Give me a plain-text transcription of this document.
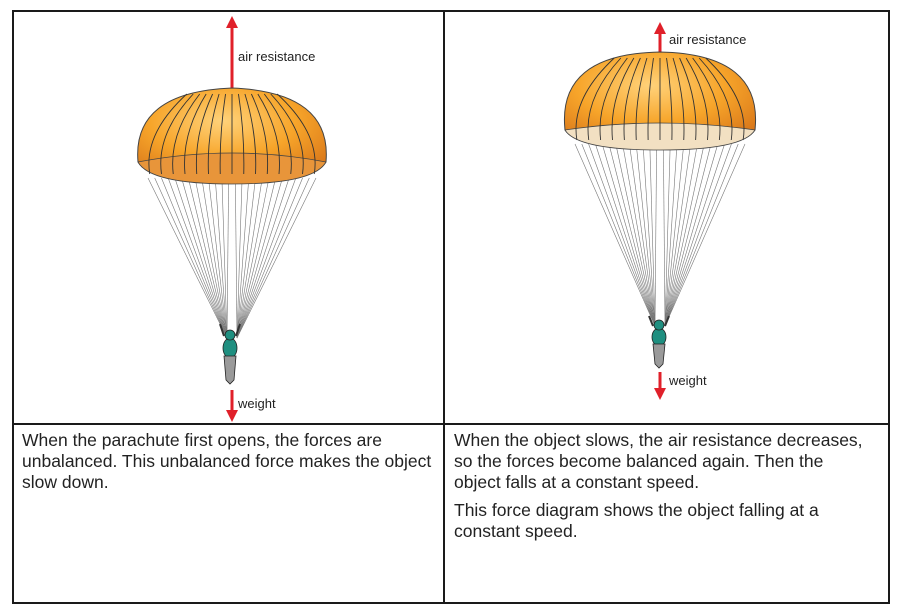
air resistance
weight
air resistance
weight

When the parachute first opens, the forces are unbalanced. This unbalanced force makes the object slow down.

When the object slows, the air resistance decreases, so the forces become balanced again. Then the object falls at a constant speed.

This force diagram shows the object falling at a constant speed.
